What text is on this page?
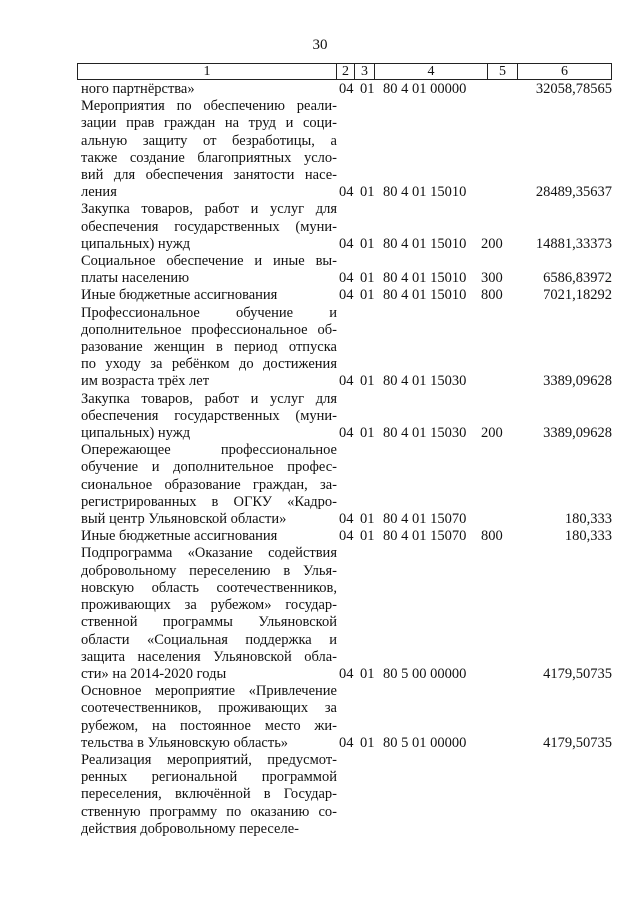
30
1	2 3	4	5	6
ного партнёрства»	04 01 80 4 01 00000	32058,78565
Мероприятия по обеспечению реали-
зации прав граждан на труд и соци-
альную защиту от безработицы, а
также создание благоприятных усло-
вий для обеспечения занятости насе-
ления	04 01 80 4 01 15010	28489,35637
Закупка товаров, работ и услуг для
обеспечения государственных (муни-
ципальных) нужд	04 01 80 4 01 15010 200 14881,33373
Социальное обеспечение и иные вы-
платы населению	04 01 80 4 01 15010 300	6586,83972
Иные бюджетные ассигнования	04 01 80 4 01 15010 800	7021,18292
Профессиональное обучение и
дополнительное профессиональное об-
разование женщин в период отпуска
по уходу за ребёнком до достижения
им возраста трёх лет	04 01 80 4 01 15030	3389,09628
Закупка товаров, работ и услуг для
обеспечения государственных (муни-
ципальных) нужд	04 01 80 4 01 15030 200	3389,09628
Опережающее профессиональное
обучение и дополнительное профес-
сиональное образование граждан, за-
регистрированных в ОГКУ «Кадро-
вый центр Ульяновской области»	04 01 80 4 01 15070	180,333
Иные бюджетные ассигнования	04 01 80 4 01 15070 800	180,333
Подпрограмма «Оказание содействия
добровольному переселению в Улья-
новскую область соотечественников,
проживающих за рубежом» государ-
ственной программы Ульяновской
области «Социальная поддержка и
защита населения Ульяновской обла-
сти» на 2014-2020 годы	04 01 80 5 00 00000	4179,50735
Основное мероприятие «Привлечение
соотечественников, проживающих за
рубежом, на постоянное место жи-
тельства в Ульяновскую область»	04 01 80 5 01 00000	4179,50735
Реализация мероприятий, предусмот-
ренных региональной программой
переселения, включённой в Государ-
ственную программу по оказанию со-
действия добровольному переселе-
